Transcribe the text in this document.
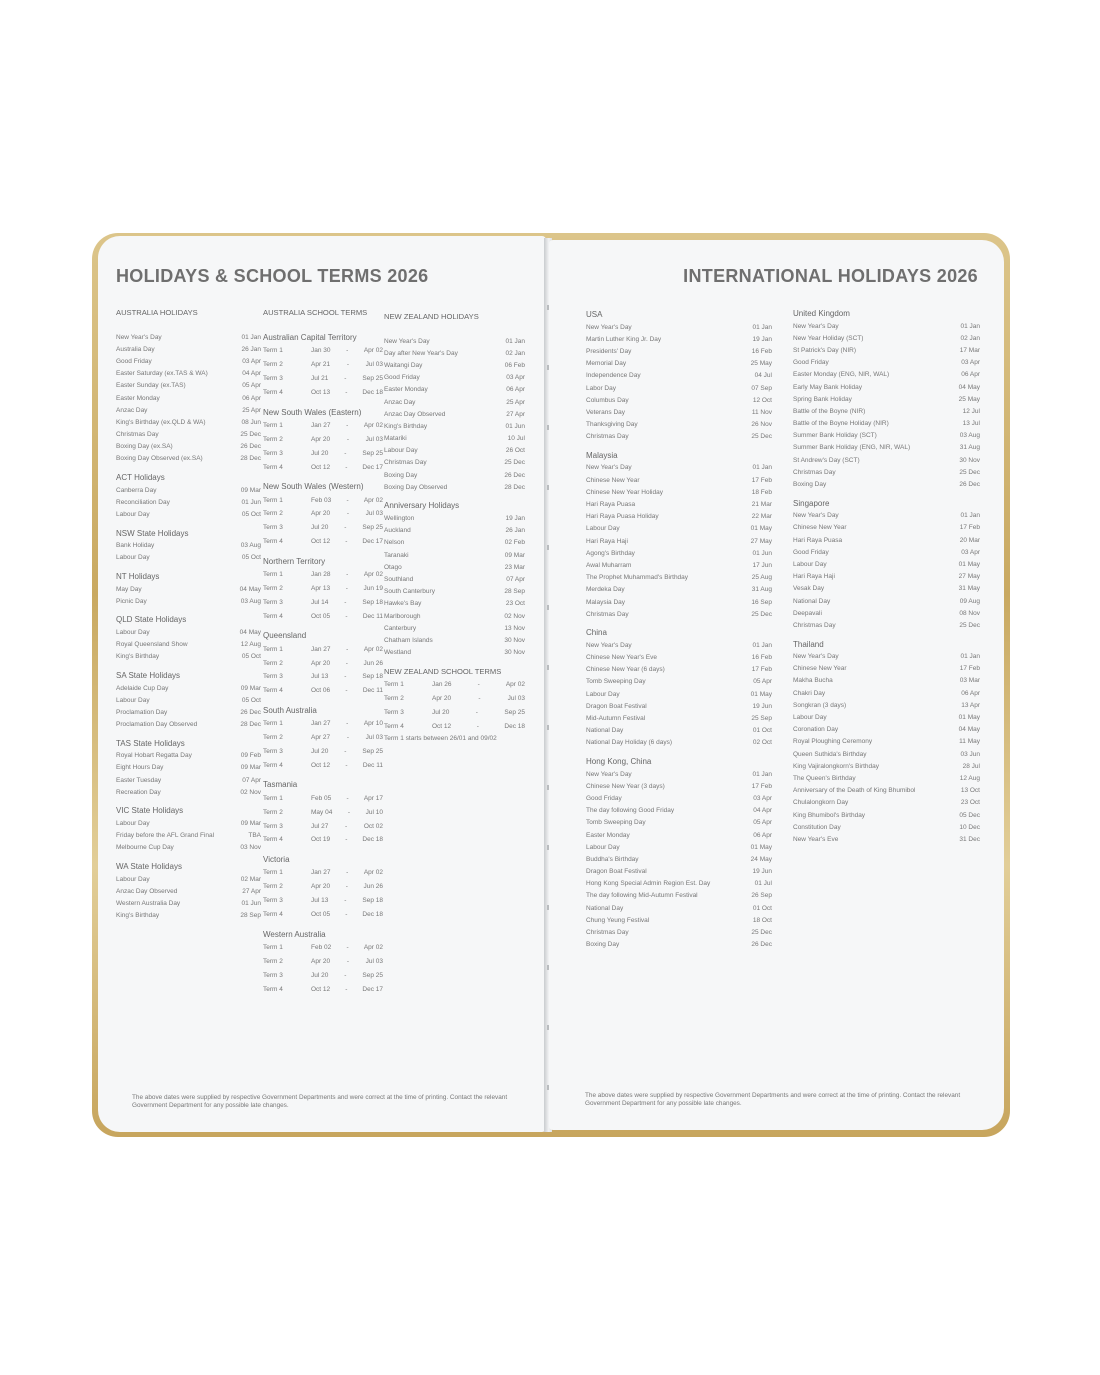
HOLIDAYS & SCHOOL TERMS 2026
AUSTRALIA HOLIDAYS
New Year's Day	01 Jan
Australia Day	26 Jan
Good Friday	03 Apr
Easter Saturday (ex.TAS & WA)	04 Apr
Easter Sunday (ex.TAS)	05 Apr
Easter Monday	06 Apr
Anzac Day	25 Apr
King's Birthday (ex.QLD & WA)	08 Jun
Christmas Day	25 Dec
Boxing Day (ex.SA)	26 Dec
Boxing Day Observed (ex.SA)	28 Dec
ACT Holidays
Canberra Day	09 Mar
Reconciliation Day	01 Jun
Labour Day	05 Oct
NSW State Holidays
Bank Holiday	03 Aug
Labour Day	05 Oct
NT Holidays
May Day	04 May
Picnic Day	03 Aug
QLD State Holidays
Labour Day	04 May
Royal Queensland Show	12 Aug
King's Birthday	05 Oct
SA State Holidays
Adelaide Cup Day	09 Mar
Labour Day	05 Oct
Proclamation Day	26 Dec
Proclamation Day Observed	28 Dec
TAS State Holidays
Royal Hobart Regatta Day	09 Feb
Eight Hours Day	09 Mar
Easter Tuesday	07 Apr
Recreation Day	02 Nov
VIC State Holidays
Labour Day	09 Mar
Friday before the AFL Grand Final	TBA
Melbourne Cup Day	03 Nov
WA State Holidays
Labour Day	02 Mar
Anzac Day Observed	27 Apr
Western Australia Day	01 Jun
King's Birthday	28 Sep
AUSTRALIA SCHOOL TERMS
Australian Capital Territory
Term 1	Jan 30 - Apr 02
Term 2	Apr 21	-	Jul 03
Term 3	Jul 21 - Sep 25
Term 4	Oct 13 - Dec 18
New South Wales (Eastern)
Term 1	Jan 27 - Apr 02
Term 2	Apr 20	-	Jul 03
Term 3	Jul 20 - Sep 25
Term 4	Oct 12 - Dec 17
New South Wales (Western)
Term 1	Feb 03 - Apr 02
Term 2	Apr 20	-	Jul 03
Term 3	Jul 20 - Sep 25
Term 4	Oct 12 - Dec 17
Northern Territory
Term 1	Jan 28 - Apr 02
Term 2	Apr 13 - Jun 19
Term 3	Jul 14 - Sep 18
Term 4	Oct 05 - Dec 11
Queensland
Term 1	Jan 27 - Apr 02
Term 2	Apr 20 - Jun 26
Term 3	Jul 13 - Sep 18
Term 4	Oct 06 - Dec 11
South Australia
Term 1	Jan 27 - Apr 10
Term 2	Apr 27	-	Jul 03
Term 3	Jul 20 - Sep 25
Term 4	Oct 12 - Dec 11
Tasmania
Term 1	Feb 05 - Apr 17
Term 2	May 04 - Jul 10
Term 3	Jul 27	-	Oct 02
Term 4	Oct 19 - Dec 18
Victoria
Term 1	Jan 27 - Apr 02
Term 2	Apr 20 - Jun 26
Term 3	Jul 13 - Sep 18
Term 4	Oct 05 - Dec 18
Western Australia
Term 1	Feb 02 - Apr 02
Term 2	Apr 20	-	Jul 03
Term 3	Jul 20 - Sep 25
Term 4	Oct 12 - Dec 17
NEW ZEALAND HOLIDAYS
New Year's Day	01 Jan
Day after New Year's Day	02 Jan
Waitangi Day	06 Feb
Good Friday	03 Apr
Easter Monday	06 Apr
Anzac Day	25 Apr
Anzac Day Observed	27 Apr
King's Birthday	01 Jun
Matariki	10 Jul
Labour Day	26 Oct
Christmas Day	25 Dec
Boxing Day	26 Dec
Boxing Day Observed	28 Dec
Anniversary Holidays
Wellington	19 Jan
Auckland	26 Jan
Nelson	02 Feb
Taranaki	09 Mar
Otago	23 Mar
Southland	07 Apr
South Canterbury	28 Sep
Hawke's Bay	23 Oct
Marlborough	02 Nov
Canterbury	13 Nov
Chatham Islands	30 Nov
Westland	30 Nov
NEW ZEALAND SCHOOL TERMS
Term 1	Jan 26	-	Apr 02
Term 2	Apr 20	-	Jul 03
Term 3	Jul 20	-	Sep 25
Term 4	Oct 12	-	Dec 18
Term 1 starts between 26/01 and 09/02
The above dates were supplied by respective Government Departments and were correct at the time of printing. Contact the relevant Government Department for any possible late changes.
INTERNATIONAL HOLIDAYS 2026
USA
New Year's Day	01 Jan
Martin Luther King Jr. Day	19 Jan
Presidents' Day	16 Feb
Memorial Day	25 May
Independence Day	04 Jul
Labor Day	07 Sep
Columbus Day	12 Oct
Veterans Day	11 Nov
Thanksgiving Day	26 Nov
Christmas Day	25 Dec
Malaysia
New Year's Day	01 Jan
Chinese New Year	17 Feb
Chinese New Year Holiday	18 Feb
Hari Raya Puasa	21 Mar
Hari Raya Puasa Holiday	22 Mar
Labour Day	01 May
Hari Raya Haji	27 May
Agong's Birthday	01 Jun
Awal Muharram	17 Jun
The Prophet Muhammad's Birthday	25 Aug
Merdeka Day	31 Aug
Malaysia Day	16 Sep
Christmas Day	25 Dec
China
New Year's Day	01 Jan
Chinese New Year's Eve	16 Feb
Chinese New Year (6 days)	17 Feb
Tomb Sweeping Day	05 Apr
Labour Day	01 May
Dragon Boat Festival	19 Jun
Mid-Autumn Festival	25 Sep
National Day	01 Oct
National Day Holiday (6 days)	02 Oct
Hong Kong, China
New Year's Day	01 Jan
Chinese New Year (3 days)	17 Feb
Good Friday	03 Apr
The day following Good Friday	04 Apr
Tomb Sweeping Day	05 Apr
Easter Monday	06 Apr
Labour Day	01 May
Buddha's Birthday	24 May
Dragon Boat Festival	19 Jun
Hong Kong Special Admin Region Est. Day	01 Jul
The day following Mid-Autumn Festival	26 Sep
National Day	01 Oct
Chung Yeung Festival	18 Oct
Christmas Day	25 Dec
Boxing Day	26 Dec
United Kingdom
New Year's Day	01 Jan
New Year Holiday (SCT)	02 Jan
St Patrick's Day (NIR)	17 Mar
Good Friday	03 Apr
Easter Monday (ENG, NIR, WAL)	06 Apr
Early May Bank Holiday	04 May
Spring Bank Holiday	25 May
Battle of the Boyne (NIR)	12 Jul
Battle of the Boyne Holiday (NIR)	13 Jul
Summer Bank Holiday (SCT)	03 Aug
Summer Bank Holiday (ENG, NIR, WAL)	31 Aug
St Andrew's Day (SCT)	30 Nov
Christmas Day	25 Dec
Boxing Day	26 Dec
Singapore
New Year's Day	01 Jan
Chinese New Year	17 Feb
Hari Raya Puasa	20 Mar
Good Friday	03 Apr
Labour Day	01 May
Hari Raya Haji	27 May
Vesak Day	31 May
National Day	09 Aug
Deepavali	08 Nov
Christmas Day	25 Dec
Thailand
New Year's Day	01 Jan
Chinese New Year	17 Feb
Makha Bucha	03 Mar
Chakri Day	06 Apr
Songkran (3 days)	13 Apr
Labour Day	01 May
Coronation Day	04 May
Royal Ploughing Ceremony	11 May
Queen Suthida's Birthday	03 Jun
King Vajiralongkorn's Birthday	28 Jul
The Queen's Birthday	12 Aug
Anniversary of the Death of King Bhumibol	13 Oct
Chulalongkorn Day	23 Oct
King Bhumibol's Birthday	05 Dec
Constitution Day	10 Dec
New Year's Eve	31 Dec
The above dates were supplied by respective Government Departments and were correct at the time of printing. Contact the relevant Government Department for any possible late changes.
